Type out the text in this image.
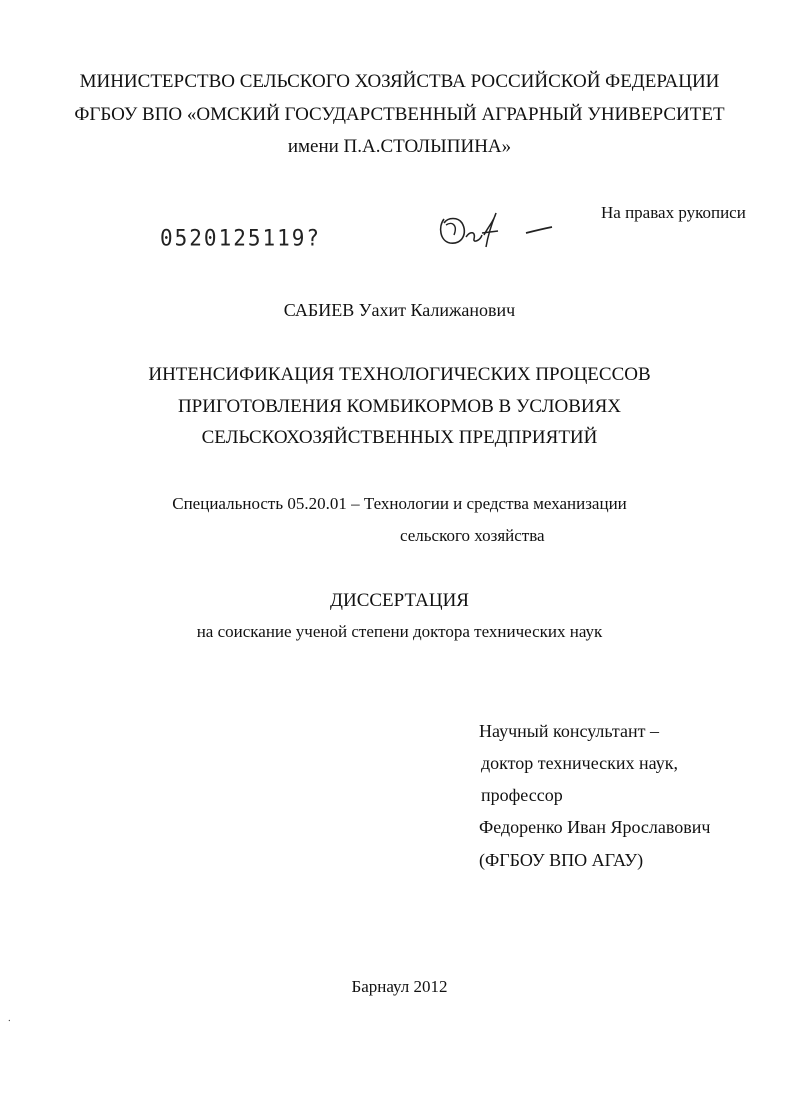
МИНИСТЕРСТВО СЕЛЬСКОГО ХОЗЯЙСТВА РОССИЙСКОЙ ФЕДЕРАЦИИ
ФГБОУ ВПО «ОМСКИЙ ГОСУДАРСТВЕННЫЙ АГРАРНЫЙ УНИВЕРСИТЕТ
имени П.А.СТОЛЫПИНА»
На правах рукописи
0520125119?
САБИЕВ Уахит Калижанович
ИНТЕНСИФИКАЦИЯ ТЕХНОЛОГИЧЕСКИХ ПРОЦЕССОВ
ПРИГОТОВЛЕНИЯ КОМБИКОРМОВ В УСЛОВИЯХ
СЕЛЬСКОХОЗЯЙСТВЕННЫХ ПРЕДПРИЯТИЙ
Специальность 05.20.01 – Технологии и средства механизации
сельского хозяйства
ДИССЕРТАЦИЯ
на соискание ученой степени доктора технических наук
Научный консультант –
доктор технических наук,
профессор
Федоренко Иван Ярославович
(ФГБОУ ВПО АГАУ)
Барнаул 2012
⸱
